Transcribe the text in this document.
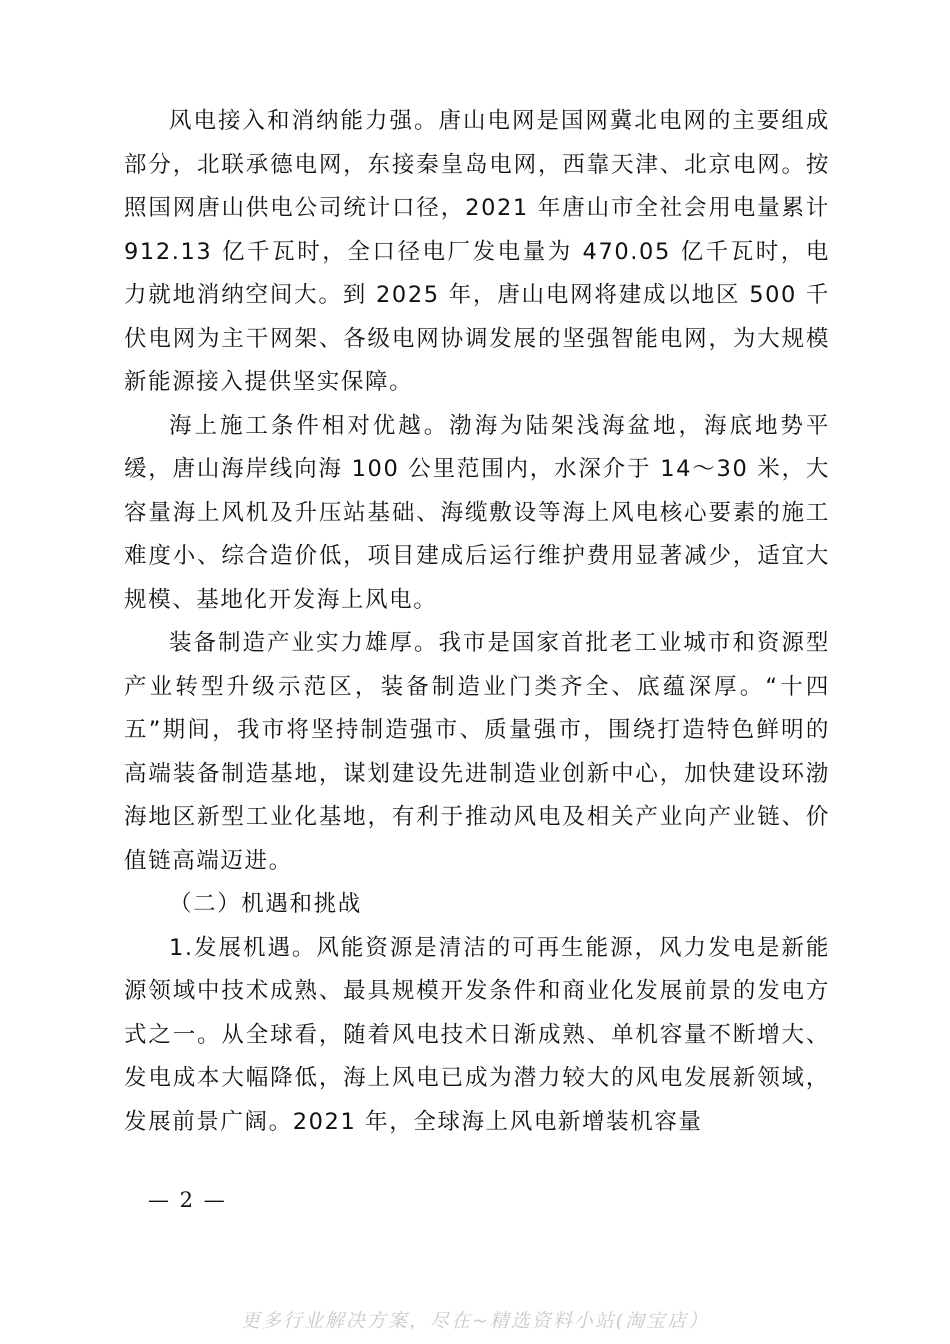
风电接入和消纳能力强。唐山电网是国网冀北电网的主要组成部分，北联承德电网，东接秦皇岛电网，西靠天津、北京电网。按照国网唐山供电公司统计口径，2021 年唐山市全社会用电量累计 912.13 亿千瓦时，全口径电厂发电量为 470.05 亿千瓦时，电力就地消纳空间大。到 2025 年，唐山电网将建成以地区 500 千伏电网为主干网架、各级电网协调发展的坚强智能电网，为大规模新能源接入提供坚实保障。

海上施工条件相对优越。渤海为陆架浅海盆地，海底地势平缓，唐山海岸线向海 100 公里范围内，水深介于 14～30 米，大容量海上风机及升压站基础、海缆敷设等海上风电核心要素的施工难度小、综合造价低，项目建成后运行维护费用显著减少，适宜大规模、基地化开发海上风电。

装备制造产业实力雄厚。我市是国家首批老工业城市和资源型产业转型升级示范区，装备制造业门类齐全、底蕴深厚。“十四五”期间，我市将坚持制造强市、质量强市，围绕打造特色鲜明的高端装备制造基地，谋划建设先进制造业创新中心，加快建设环渤海地区新型工业化基地，有利于推动风电及相关产业向产业链、价值链高端迈进。

（二）机遇和挑战

1.发展机遇。风能资源是清洁的可再生能源，风力发电是新能源领域中技术成熟、最具规模开发条件和商业化发展前景的发电方式之一。从全球看，随着风电技术日渐成熟、单机容量不断增大、发电成本大幅降低，海上风电已成为潜力较大的风电发展新领域，发展前景广阔。2021 年，全球海上风电新增装机容量

— 2 —
更多行业解决方案，尽在~精选资料小站(淘宝店）
